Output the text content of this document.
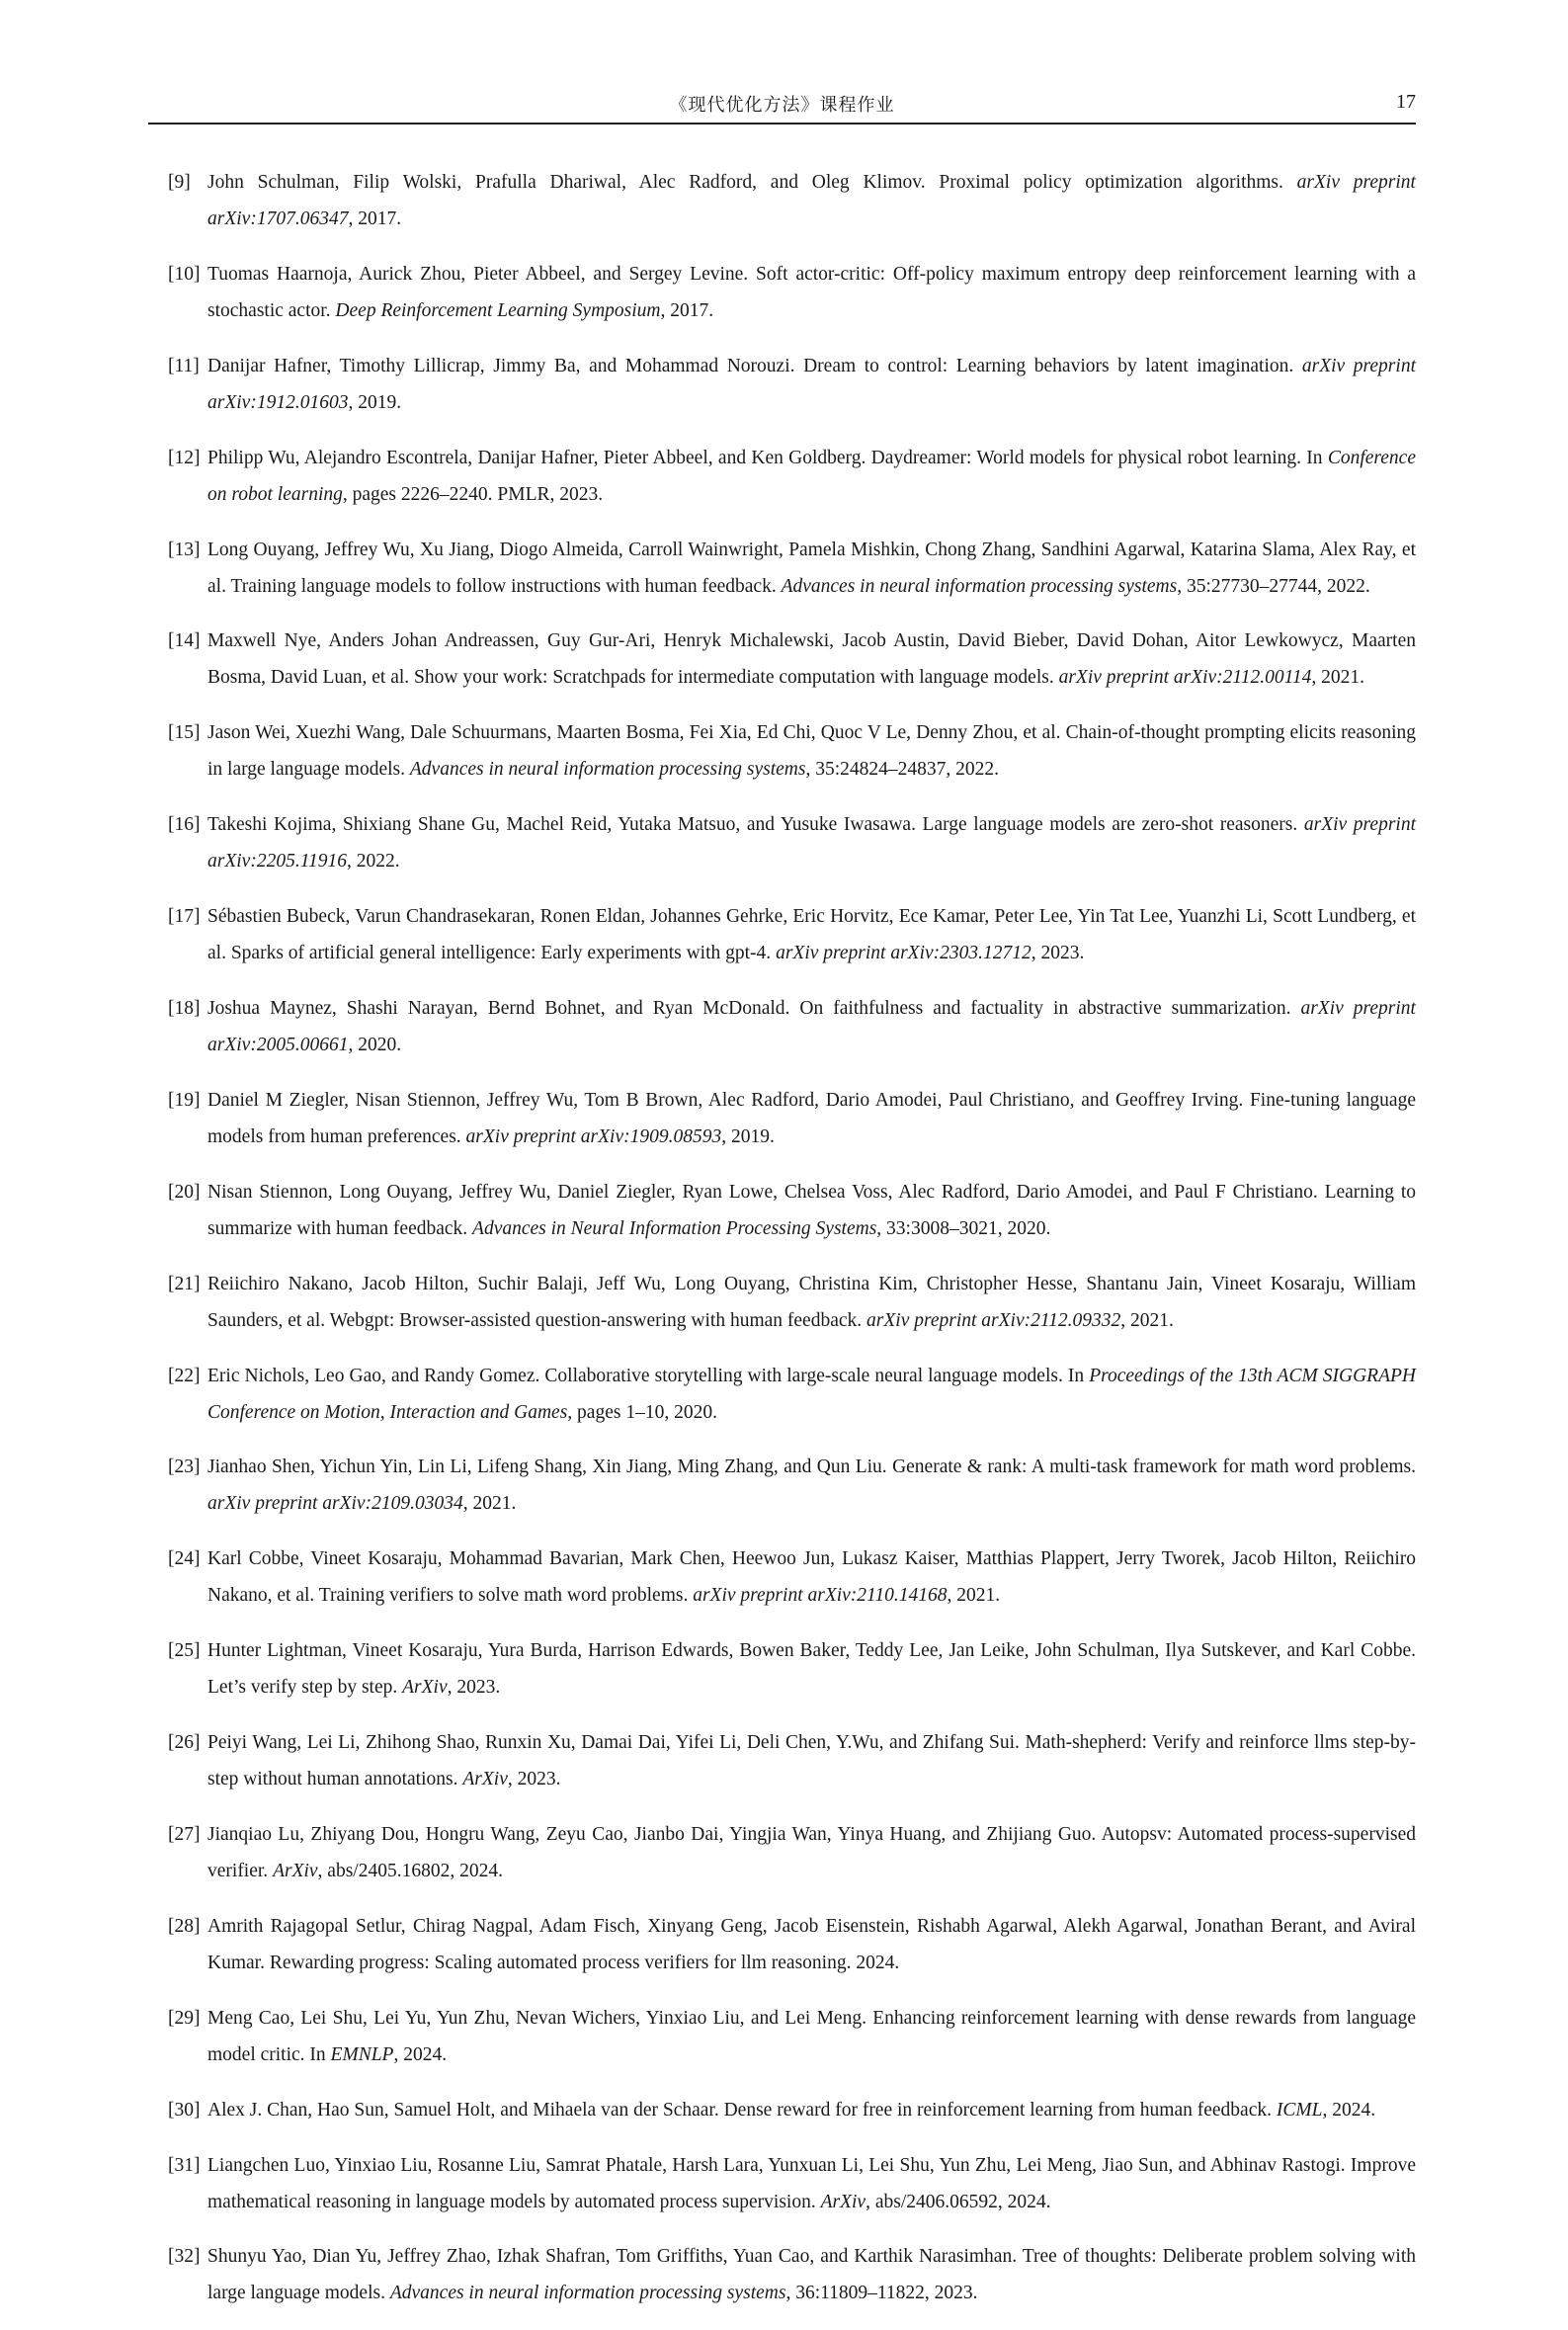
《现代优化方法》课程作业	17
[9] John Schulman, Filip Wolski, Prafulla Dhariwal, Alec Radford, and Oleg Klimov. Proximal policy optimization algorithms. arXiv preprint arXiv:1707.06347, 2017.
[10] Tuomas Haarnoja, Aurick Zhou, Pieter Abbeel, and Sergey Levine. Soft actor-critic: Off-policy maximum entropy deep reinforcement learning with a stochastic actor. Deep Reinforcement Learning Symposium, 2017.
[11] Danijar Hafner, Timothy Lillicrap, Jimmy Ba, and Mohammad Norouzi. Dream to control: Learning behaviors by latent imagination. arXiv preprint arXiv:1912.01603, 2019.
[12] Philipp Wu, Alejandro Escontrela, Danijar Hafner, Pieter Abbeel, and Ken Goldberg. Daydreamer: World models for physical robot learning. In Conference on robot learning, pages 2226–2240. PMLR, 2023.
[13] Long Ouyang, Jeffrey Wu, Xu Jiang, Diogo Almeida, Carroll Wainwright, Pamela Mishkin, Chong Zhang, Sandhini Agarwal, Katarina Slama, Alex Ray, et al. Training language models to follow instructions with human feedback. Advances in neural information processing systems, 35:27730–27744, 2022.
[14] Maxwell Nye, Anders Johan Andreassen, Guy Gur-Ari, Henryk Michalewski, Jacob Austin, David Bieber, David Dohan, Aitor Lewkowycz, Maarten Bosma, David Luan, et al. Show your work: Scratchpads for intermediate computation with language models. arXiv preprint arXiv:2112.00114, 2021.
[15] Jason Wei, Xuezhi Wang, Dale Schuurmans, Maarten Bosma, Fei Xia, Ed Chi, Quoc V Le, Denny Zhou, et al. Chain-of-thought prompting elicits reasoning in large language models. Advances in neural information processing systems, 35:24824–24837, 2022.
[16] Takeshi Kojima, Shixiang Shane Gu, Machel Reid, Yutaka Matsuo, and Yusuke Iwasawa. Large language models are zero-shot reasoners. arXiv preprint arXiv:2205.11916, 2022.
[17] Sébastien Bubeck, Varun Chandrasekaran, Ronen Eldan, Johannes Gehrke, Eric Horvitz, Ece Kamar, Peter Lee, Yin Tat Lee, Yuanzhi Li, Scott Lundberg, et al. Sparks of artificial general intelligence: Early experiments with gpt-4. arXiv preprint arXiv:2303.12712, 2023.
[18] Joshua Maynez, Shashi Narayan, Bernd Bohnet, and Ryan McDonald. On faithfulness and factuality in abstractive summarization. arXiv preprint arXiv:2005.00661, 2020.
[19] Daniel M Ziegler, Nisan Stiennon, Jeffrey Wu, Tom B Brown, Alec Radford, Dario Amodei, Paul Christiano, and Geoffrey Irving. Fine-tuning language models from human preferences. arXiv preprint arXiv:1909.08593, 2019.
[20] Nisan Stiennon, Long Ouyang, Jeffrey Wu, Daniel Ziegler, Ryan Lowe, Chelsea Voss, Alec Radford, Dario Amodei, and Paul F Christiano. Learning to summarize with human feedback. Advances in Neural Information Processing Systems, 33:3008–3021, 2020.
[21] Reiichiro Nakano, Jacob Hilton, Suchir Balaji, Jeff Wu, Long Ouyang, Christina Kim, Christopher Hesse, Shantanu Jain, Vineet Kosaraju, William Saunders, et al. Webgpt: Browser-assisted question-answering with human feedback. arXiv preprint arXiv:2112.09332, 2021.
[22] Eric Nichols, Leo Gao, and Randy Gomez. Collaborative storytelling with large-scale neural language models. In Proceedings of the 13th ACM SIGGRAPH Conference on Motion, Interaction and Games, pages 1–10, 2020.
[23] Jianhao Shen, Yichun Yin, Lin Li, Lifeng Shang, Xin Jiang, Ming Zhang, and Qun Liu. Generate & rank: A multi-task framework for math word problems. arXiv preprint arXiv:2109.03034, 2021.
[24] Karl Cobbe, Vineet Kosaraju, Mohammad Bavarian, Mark Chen, Heewoo Jun, Lukasz Kaiser, Matthias Plappert, Jerry Tworek, Jacob Hilton, Reiichiro Nakano, et al. Training verifiers to solve math word problems. arXiv preprint arXiv:2110.14168, 2021.
[25] Hunter Lightman, Vineet Kosaraju, Yura Burda, Harrison Edwards, Bowen Baker, Teddy Lee, Jan Leike, John Schulman, Ilya Sutskever, and Karl Cobbe. Let’s verify step by step. ArXiv, 2023.
[26] Peiyi Wang, Lei Li, Zhihong Shao, Runxin Xu, Damai Dai, Yifei Li, Deli Chen, Y.Wu, and Zhifang Sui. Math-shepherd: Verify and reinforce llms step-by-step without human annotations. ArXiv, 2023.
[27] Jianqiao Lu, Zhiyang Dou, Hongru Wang, Zeyu Cao, Jianbo Dai, Yingjia Wan, Yinya Huang, and Zhijiang Guo. Autopsv: Automated process-supervised verifier. ArXiv, abs/2405.16802, 2024.
[28] Amrith Rajagopal Setlur, Chirag Nagpal, Adam Fisch, Xinyang Geng, Jacob Eisenstein, Rishabh Agarwal, Alekh Agarwal, Jonathan Berant, and Aviral Kumar. Rewarding progress: Scaling automated process verifiers for llm reasoning. 2024.
[29] Meng Cao, Lei Shu, Lei Yu, Yun Zhu, Nevan Wichers, Yinxiao Liu, and Lei Meng. Enhancing reinforcement learning with dense rewards from language model critic. In EMNLP, 2024.
[30] Alex J. Chan, Hao Sun, Samuel Holt, and Mihaela van der Schaar. Dense reward for free in reinforcement learning from human feedback. ICML, 2024.
[31] Liangchen Luo, Yinxiao Liu, Rosanne Liu, Samrat Phatale, Harsh Lara, Yunxuan Li, Lei Shu, Yun Zhu, Lei Meng, Jiao Sun, and Abhinav Rastogi. Improve mathematical reasoning in language models by automated process supervision. ArXiv, abs/2406.06592, 2024.
[32] Shunyu Yao, Dian Yu, Jeffrey Zhao, Izhak Shafran, Tom Griffiths, Yuan Cao, and Karthik Narasimhan. Tree of thoughts: Deliberate problem solving with large language models. Advances in neural information processing systems, 36:11809–11822, 2023.
